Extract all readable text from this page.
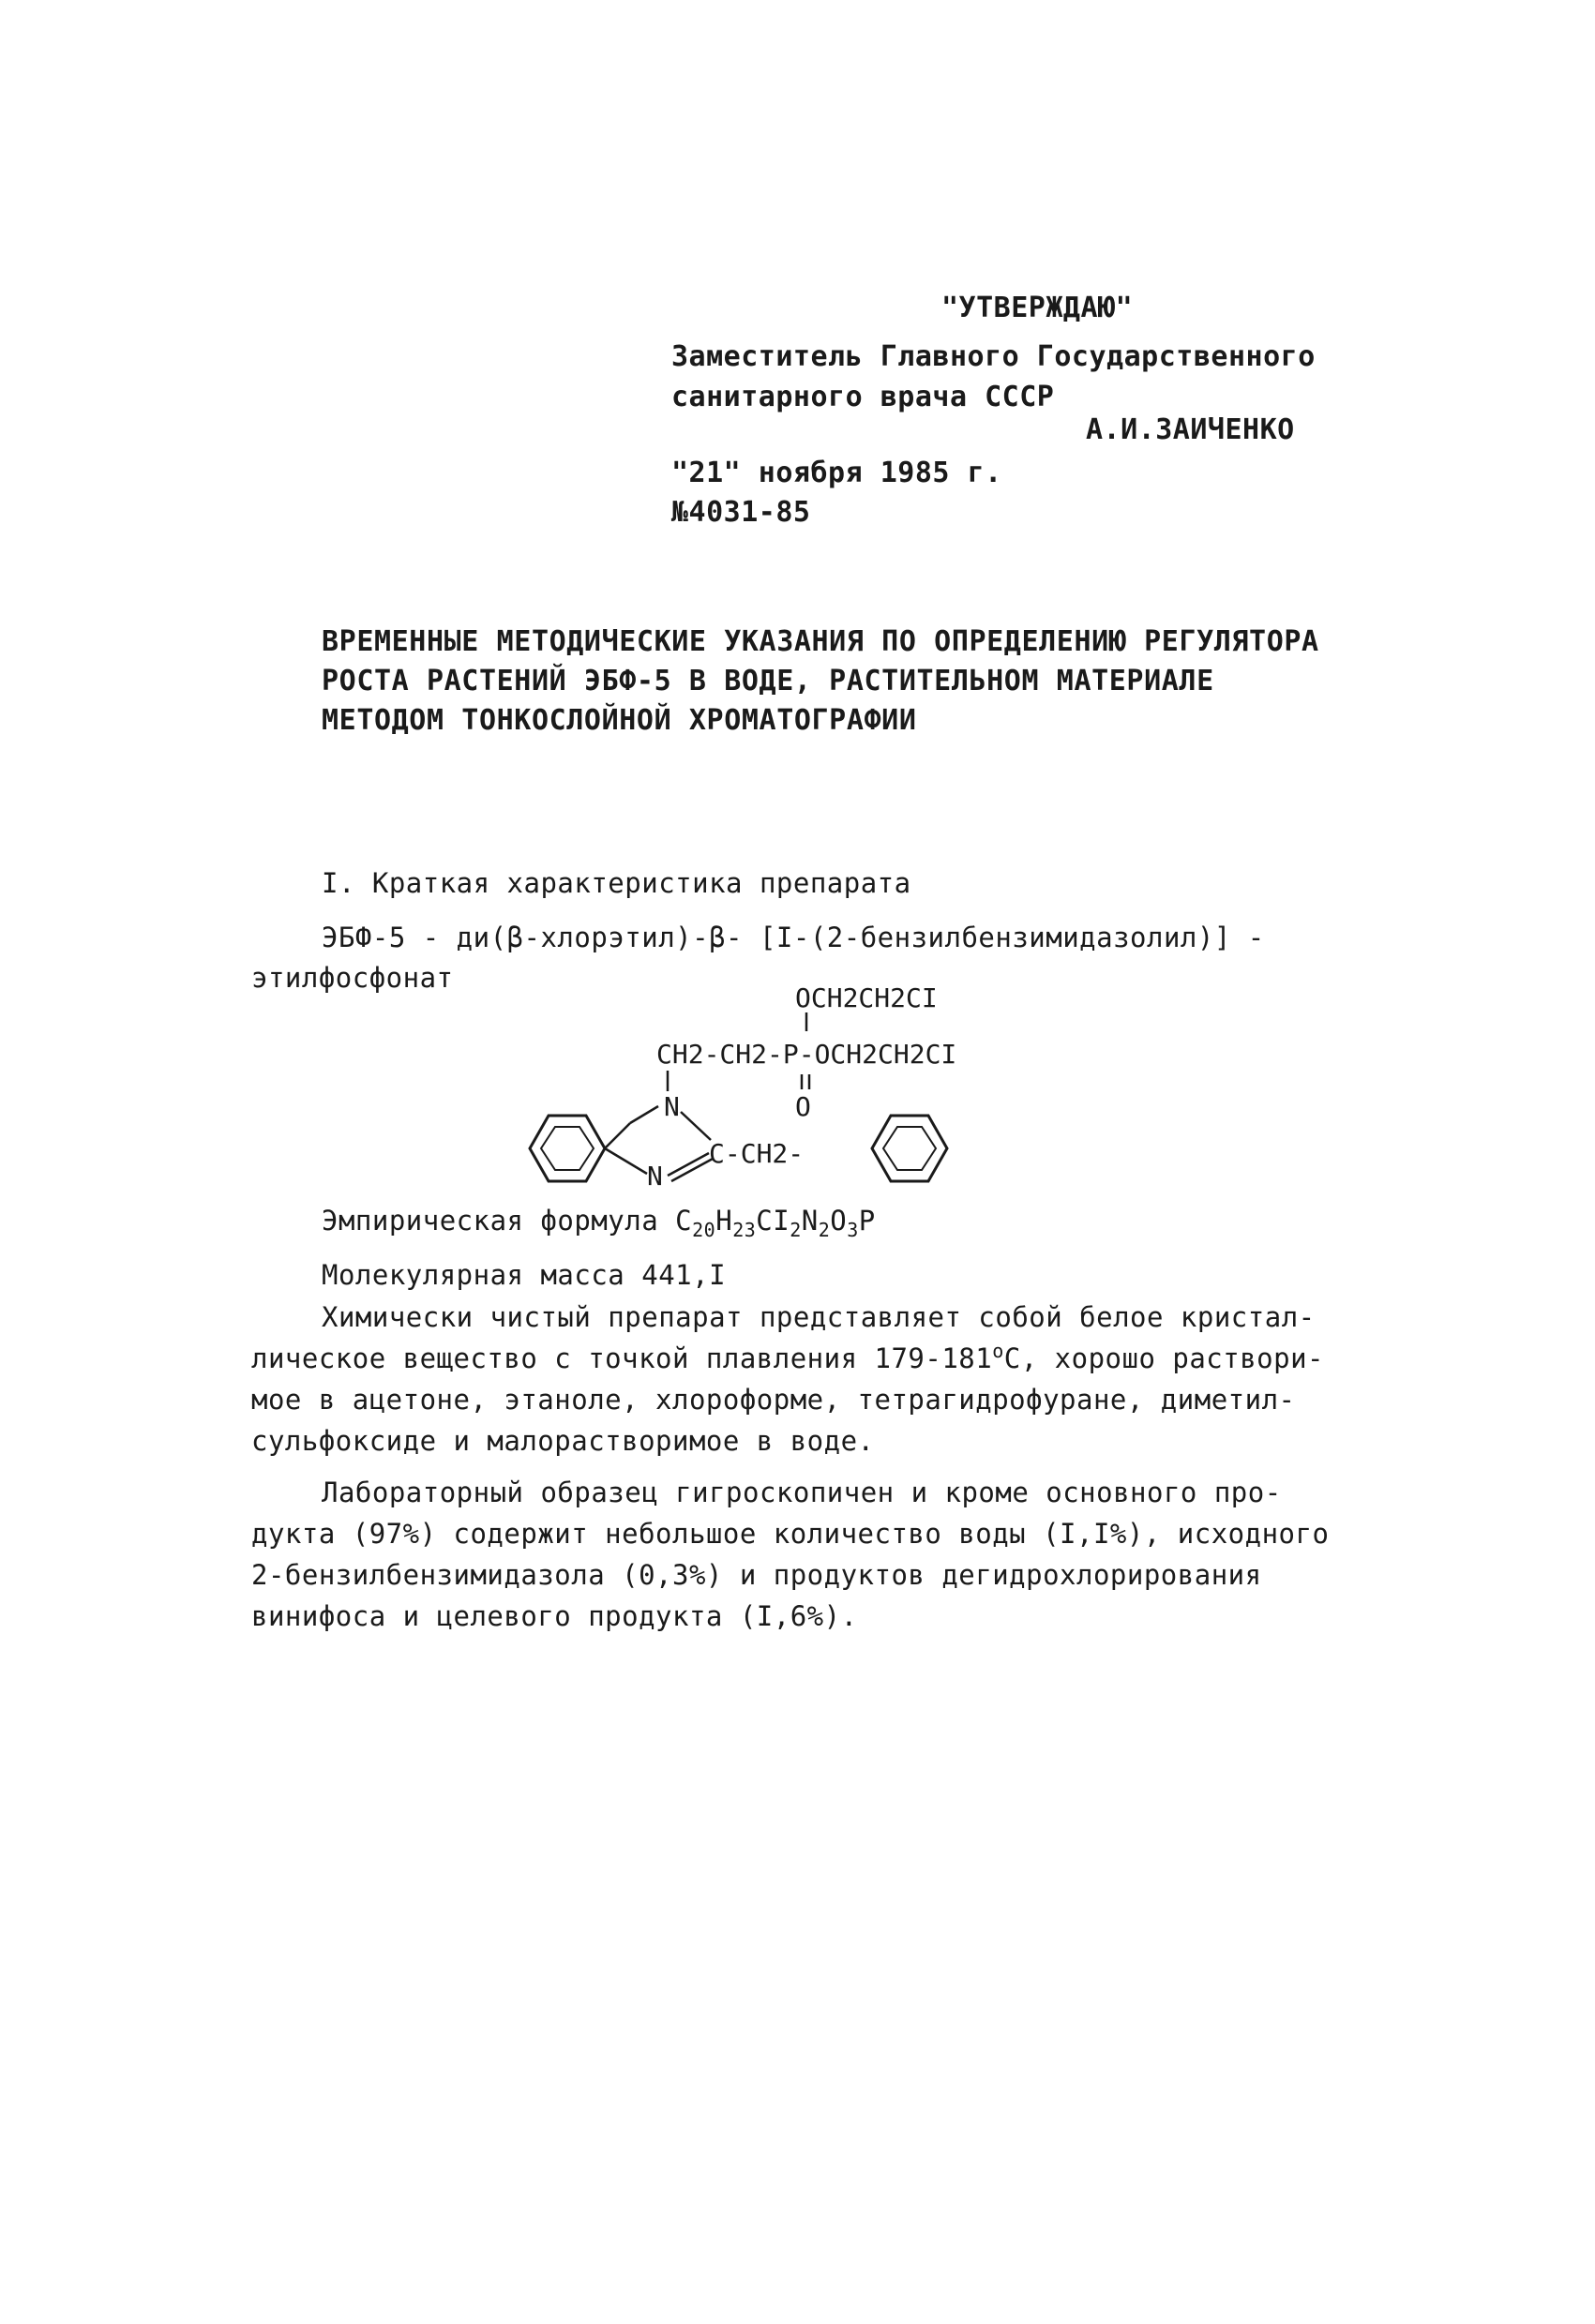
"УТВЕРЖДАЮ"
Заместитель Главного Государственного
санитарного врача СССР
А.И.ЗАИЧЕНКО
"21" ноября 1985 г.
№4031-85
ВРЕМЕННЫЕ МЕТОДИЧЕСКИЕ УКАЗАНИЯ ПО ОПРЕДЕЛЕНИЮ РЕГУЛЯТОРА
РОСТА РАСТЕНИЙ ЭБФ-5 В ВОДЕ, РАСТИТЕЛЬНОМ МАТЕРИАЛЕ
МЕТОДОМ ТОНКОСЛОЙНОЙ ХРОМАТОГРАФИИ
I. Краткая характеристика препарата
ЭБФ-5 - ди(β-хлорэтил)-β- [I-(2-бензилбензимидазолил)] -
этилфосфонат
OCH2CH2CI
CH2-CH2-P-OCH2CH2CI
O
N
N
C-CH2-
Эмпирическая формула $C_{20}H_{23}CI_2N_2O_3P$
Молекулярная масса 441,I
Химически чистый препарат представляет собой белое кристал-
лическое вещество с точкой плавления 179-181$^o$C, хорошо раствори-
мое в ацетоне, этаноле, хлороформе, тетрагидрофуране, диметил-
сульфоксиде и малорастворимое в воде.
Лабораторный образец гигроскопичен и кроме основного про-
дукта (97%) содержит небольшое количество воды (I,I%), исходного
2-бензилбензимидазола (0,3%) и продуктов дегидрохлорирования
винифоса и целевого продукта (I,6%).
